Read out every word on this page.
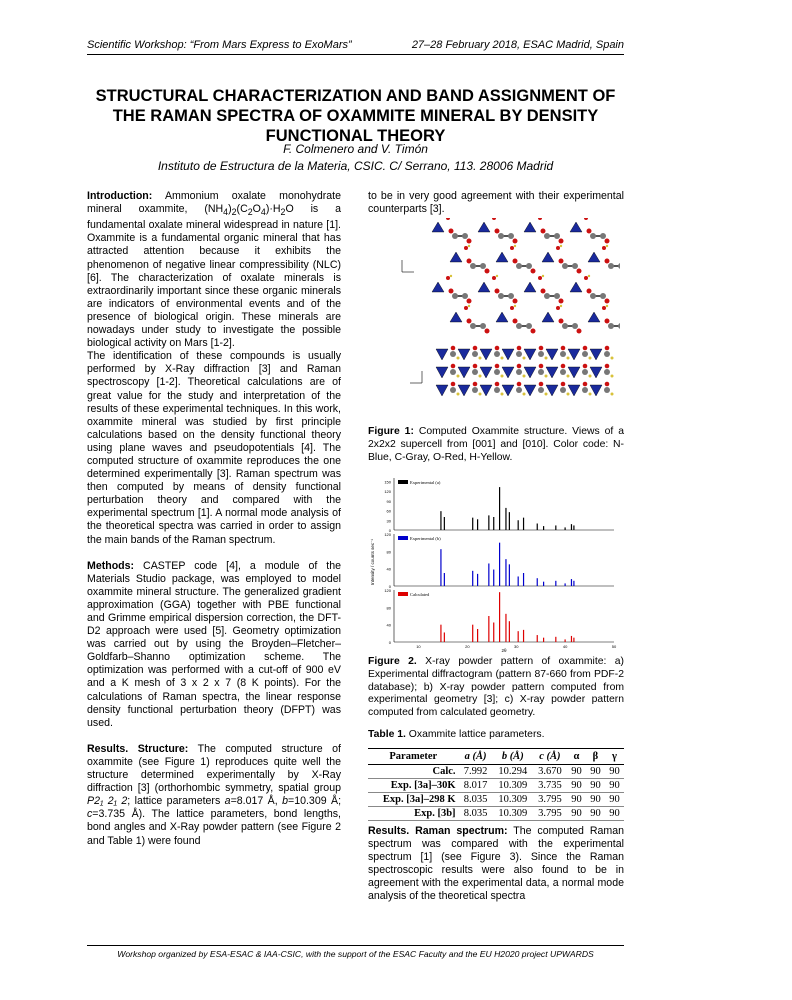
Scientific Workshop: “From Mars Express to ExoMars”	27–28 February 2018, ESAC Madrid, Spain
STRUCTURAL CHARACTERIZATION AND BAND ASSIGNMENT OF THE RAMAN SPECTRA OF OXAMMITE MINERAL BY DENSITY FUNCTIONAL THEORY
F. Colmenero and V. Timón
Instituto de Estructura de la Materia, CSIC. C/ Serrano, 113. 28006 Madrid

Introduction: Ammonium oxalate monohydrate mineral oxammite, $(NH_4)_2(C_2O_4)\cdot H_2O$ is a fundamental oxalate mineral widespread in nature [1]. Oxammite is a fundamental organic mineral that has attracted attention because it exhibits the phenomenon of negative linear compressibility (NLC) [6]. The characterization of oxalate minerals is extraordinarily important since these organic minerals are indicators of environmental events and of the presence of biological origin. These minerals are nowadays under study to investigate the possible biological activity on Mars [1-2].

The identification of these compounds is usually performed by X-Ray diffraction [3] and Raman spectroscopy [1-2]. Theoretical calculations are of great value for the study and interpretation of the results of these experimental techniques. In this work, oxammite mineral was studied by first principle calculations based on the density functional theory using plane waves and pseudopotentials [4]. The computed structure of oxammite reproduces the one determined experimentally [3]. Raman spectrum was then computed by means of density functional perturbation theory and compared with the experimental spectrum [1]. A normal mode analysis of the theoretical spectra was carried in order to assign the main bands of the Raman spectrum.

Methods: CASTEP code [4], a module of the Materials Studio package, was employed to model oxammite mineral structure. The generalized gradient approximation (GGA) together with PBE functional and Grimme empirical dispersion correction, the DFT-D2 approach were used [5]. Geometry optimization was carried out by using the Broyden–Fletcher–Goldfarb–Shanno optimization scheme. The optimization was performed with a cut-off of 900 eV and a K mesh of 3 x 2 x 7 (8 K points). For the calculations of Raman spectra, the linear response density functional perturbation theory (DFPT) was used.

Results. Structure: The computed structure of oxammite (see Figure 1) reproduces quite well the structure determined experimentally by X-Ray diffraction [3] (orthorhombic symmetry, spatial group P2₁ 2₁ 2; lattice parameters a=8.017 Å, b=10.309 Å; c=3.735 Å). The lattice parameters, bond lengths, bond angles and X-Ray powder pattern (see Figure 2 and Table 1) were found

to be in very good agreement with their experimental counterparts [3].
Figure 1: Computed Oxammite structure. Views of a 2x2x2 supercell from [001] and [010]. Color code: N-Blue, C-Gray, O-Red, H-Yellow.
0
30
60
90
120
150	Experimental (a)
0
40
80
120
Experimental (b)
0
40
80
120
Calculated
10	20	30	40	50
2θ
Intensity / counts sec⁻¹
Figure 2. X-ray powder pattern of oxammite: a) Experimental diffractogram (pattern 87-660 from PDF-2 database); b) X-ray powder pattern computed from experimental geometry [3]; c) X-ray powder pattern computed from calculated geometry.
Table 1. Oxammite lattice parameters.
Parameter	a (Å)	b (Å)	c (Å)	α	β	γ
Calc.	7.992	10.294	3.670	90	90	90
Exp. [3a]–30K	8.017	10.309	3.735	90	90	90
Exp. [3a]–298 K	8.035	10.309	3.795	90	90	90
Exp. [3b]	8.035	10.309	3.795	90	90	90
Results. Raman spectrum: The computed Raman spectrum was compared with the experimental spectrum [1] (see Figure 3). Since the Raman spectroscopic results were also found to be in agreement with the experimental data, a normal mode analysis of the theoretical spectra
Workshop organized by ESA-ESAC & IAA-CSIC, with the support of the ESAC Faculty and the EU H2020 project UPWARDS
